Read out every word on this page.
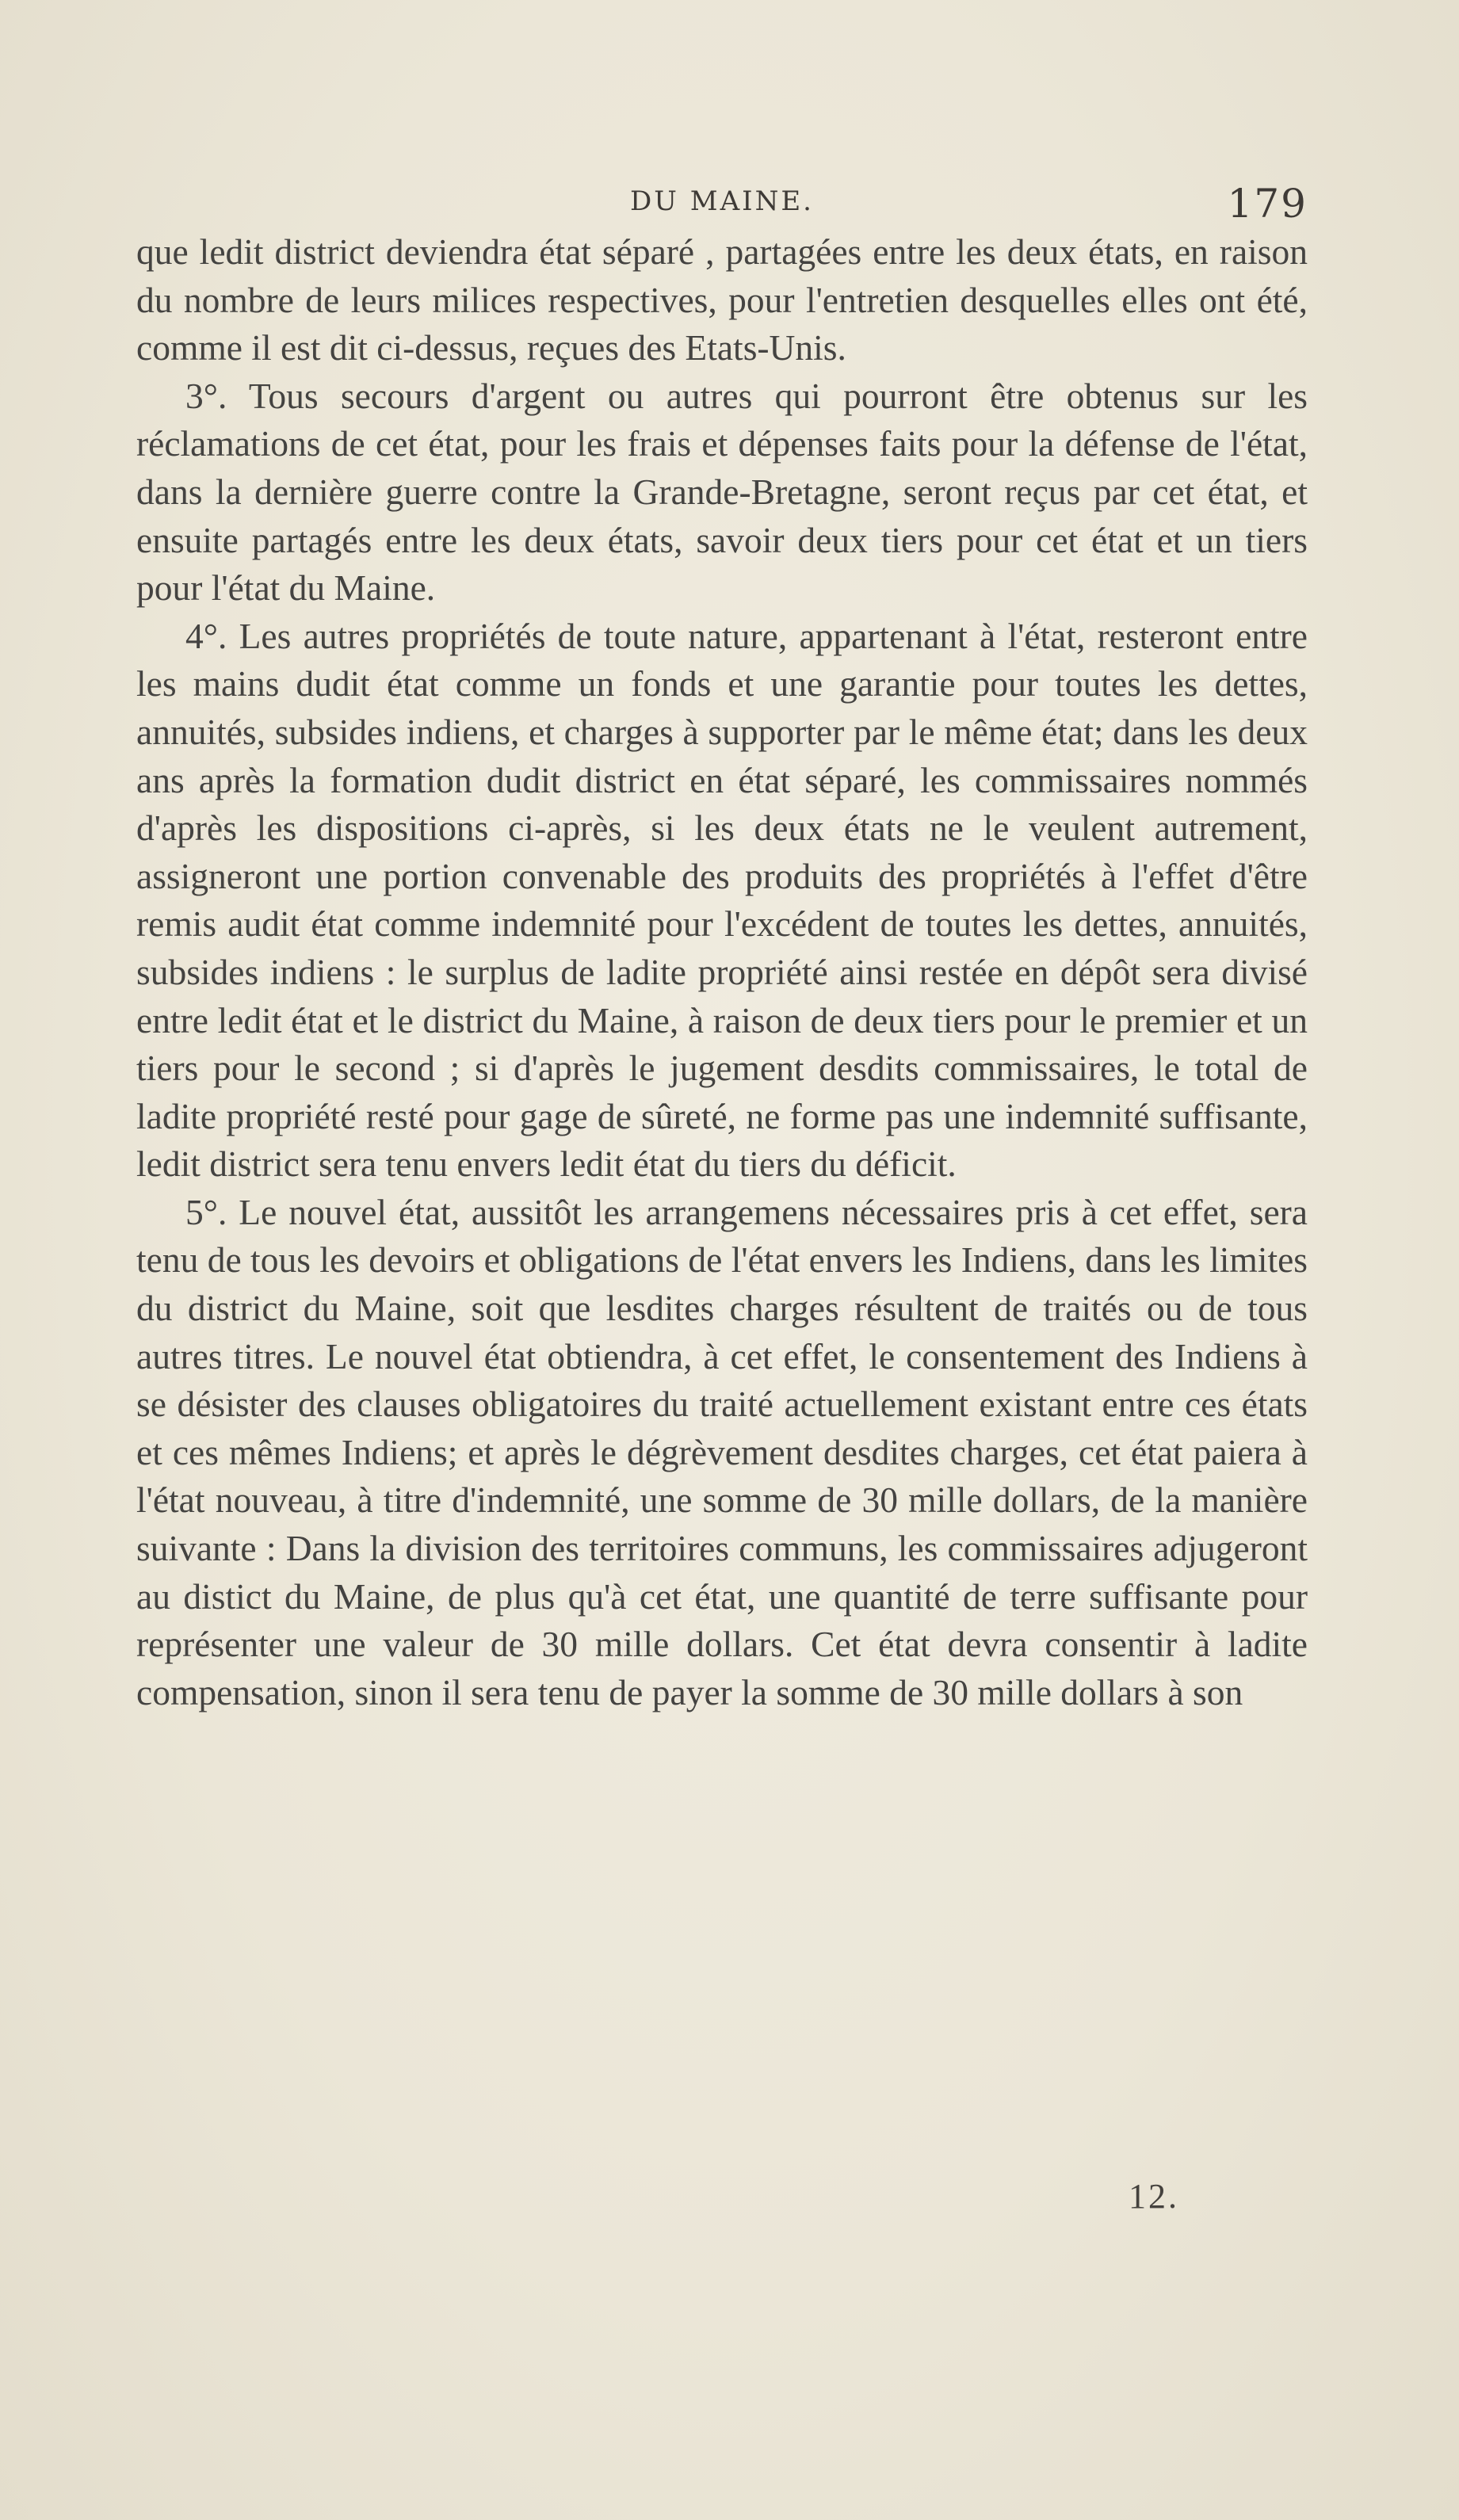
DU MAINE.	179

que ledit district deviendra état séparé , partagées entre les deux états, en raison du nombre de leurs milices respectives, pour l'entretien desquelles elles ont été, comme il est dit ci-dessus, reçues des Etats-Unis.

3°. Tous secours d'argent ou autres qui pourront être obtenus sur les réclamations de cet état, pour les frais et dépenses faits pour la défense de l'état, dans la dernière guerre contre la Grande-Bretagne, seront reçus par cet état, et ensuite partagés entre les deux états, savoir deux tiers pour cet état et un tiers pour l'état du Maine.

4°. Les autres propriétés de toute nature, appartenant à l'état, resteront entre les mains dudit état comme un fonds et une garantie pour toutes les dettes, annuités, subsides indiens, et charges à supporter par le même état; dans les deux ans après la formation dudit district en état séparé, les commissaires nommés d'après les dispositions ci-après, si les deux états ne le veulent autrement, assigneront une portion convenable des produits des propriétés à l'effet d'être remis audit état comme indemnité pour l'excédent de toutes les dettes, annuités, subsides indiens : le surplus de ladite propriété ainsi restée en dépôt sera divisé entre ledit état et le district du Maine, à raison de deux tiers pour le premier et un tiers pour le second ; si d'après le jugement desdits commissaires, le total de ladite propriété resté pour gage de sûreté, ne forme pas une indemnité suffisante, ledit district sera tenu envers ledit état du tiers du déficit.

5°. Le nouvel état, aussitôt les arrangemens nécessaires pris à cet effet, sera tenu de tous les devoirs et obligations de l'état envers les Indiens, dans les limites du district du Maine, soit que lesdites charges résultent de traités ou de tous autres titres. Le nouvel état obtiendra, à cet effet, le consentement des Indiens à se désister des clauses obligatoires du traité actuellement existant entre ces états et ces mêmes Indiens; et après le dégrèvement desdites charges, cet état paiera à l'état nouveau, à titre d'indemnité, une somme de 30 mille dollars, de la manière suivante : Dans la division des territoires communs, les commissaires adjugeront au distict du Maine, de plus qu'à cet état, une quantité de terre suffisante pour représenter une valeur de 30 mille dollars. Cet état devra consentir à ladite compensation, sinon il sera tenu de payer la somme de 30 mille dollars à son

12.
